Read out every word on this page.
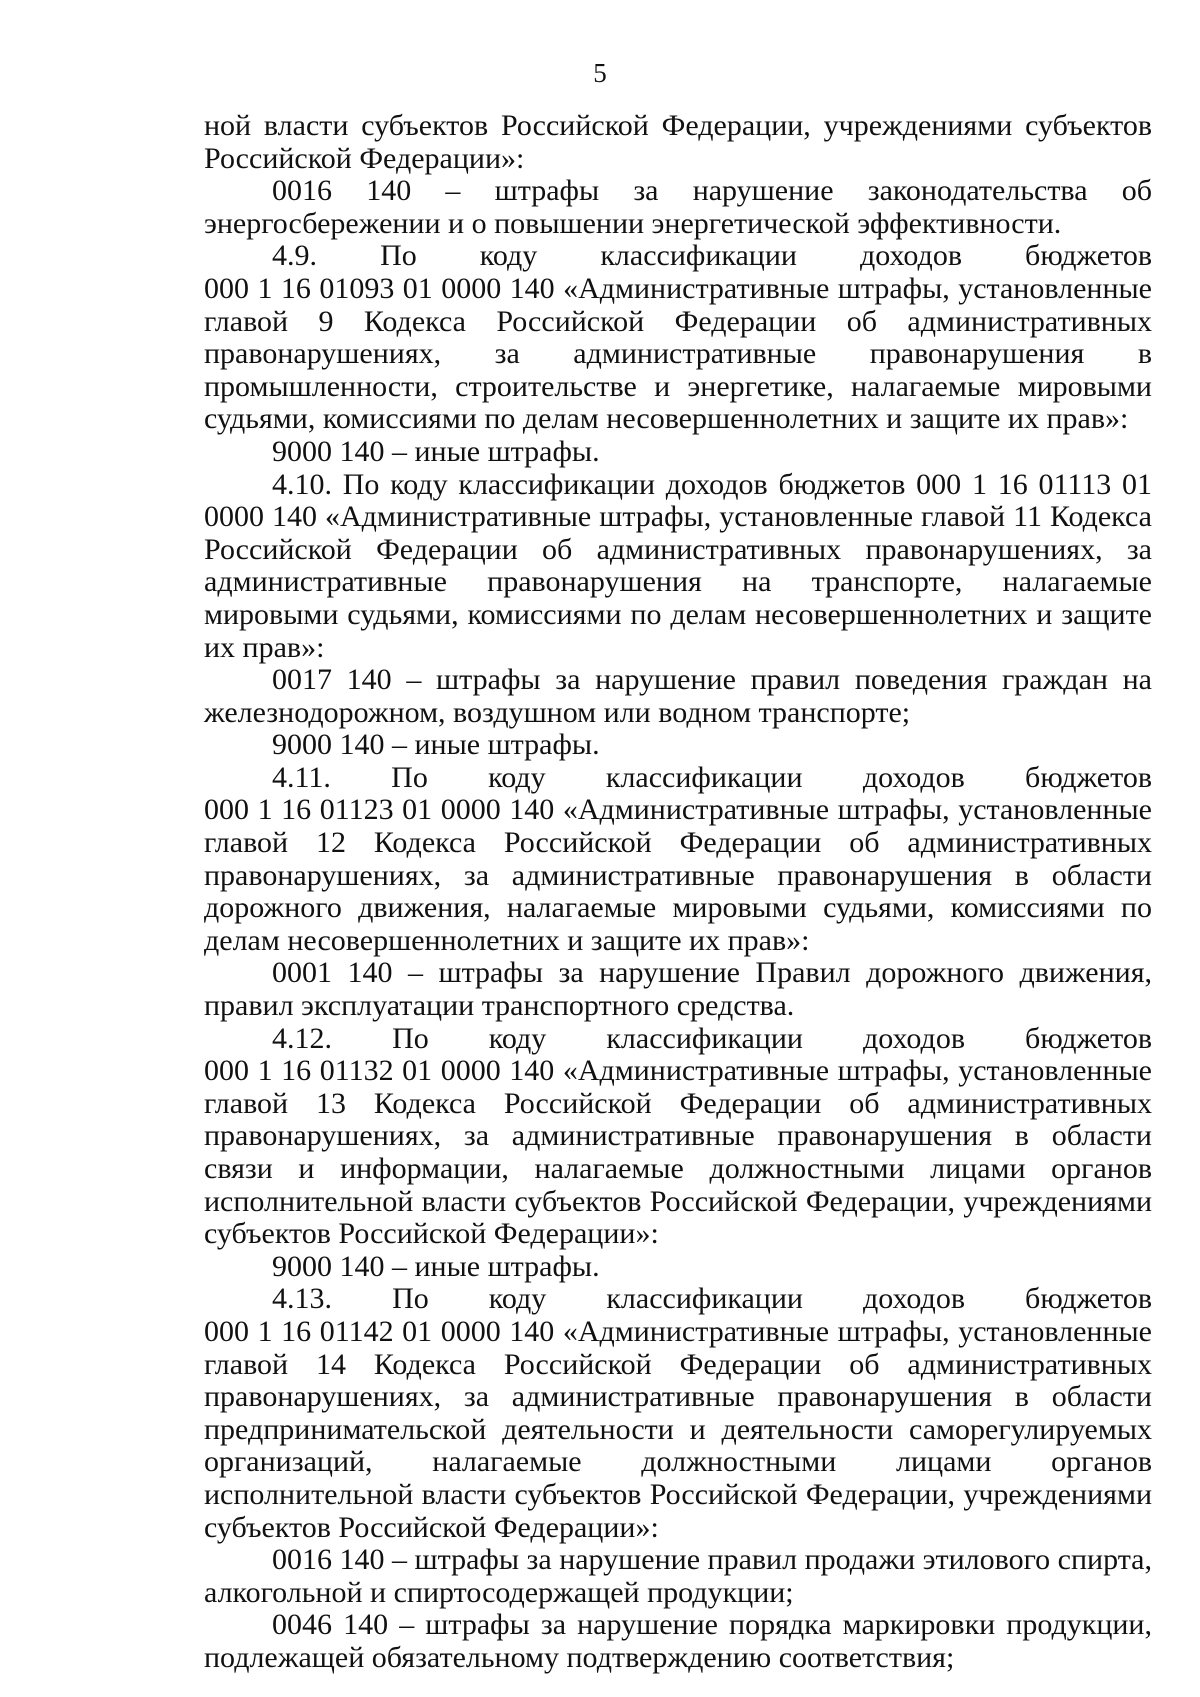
5

ной власти субъектов Российской Федерации, учреждениями субъектов Российской Федерации»:

0016 140 – штрафы за нарушение законодательства об энергосбережении и о повышении энергетической эффективности.

4.9. По коду классификации доходов бюджетов

000 1 16 01093 01 0000 140 «Административные штрафы, установленные главой 9 Кодекса Российской Федерации об административных правонарушениях, за административные правонарушения в промышленности, строительстве и энергетике, налагаемые мировыми судьями, комиссиями по делам несовершеннолетних и защите их прав»:

9000 140 – иные штрафы.

4.10. По коду классификации доходов бюджетов 000 1 16 01113 01 0000 140 «Административные штрафы, установленные главой 11 Кодекса Российской Федерации об административных правонарушениях, за административные правонарушения на транспорте, налагаемые мировыми судьями, комиссиями по делам несовершеннолетних и защите их прав»:

0017 140 – штрафы за нарушение правил поведения граждан на железнодорожном, воздушном или водном транспорте;

9000 140 – иные штрафы.

4.11. По коду классификации доходов бюджетов

000 1 16 01123 01 0000 140 «Административные штрафы, установленные главой 12 Кодекса Российской Федерации об административных правонарушениях, за административные правонарушения в области дорожного движения, налагаемые мировыми судьями, комиссиями по делам несовершеннолетних и защите их прав»:

0001 140 – штрафы за нарушение Правил дорожного движения, правил эксплуатации транспортного средства.

4.12. По коду классификации доходов бюджетов

000 1 16 01132 01 0000 140 «Административные штрафы, установленные главой 13 Кодекса Российской Федерации об административных правонарушениях, за административные правонарушения в области связи и информации, налагаемые должностными лицами органов исполнительной власти субъектов Российской Федерации, учреждениями субъектов Российской Федерации»:

9000 140 – иные штрафы.

4.13. По коду классификации доходов бюджетов

000 1 16 01142 01 0000 140 «Административные штрафы, установленные главой 14 Кодекса Российской Федерации об административных правонарушениях, за административные правонарушения в области предпринимательской деятельности и деятельности саморегулируемых организаций, налагаемые должностными лицами органов исполнительной власти субъектов Российской Федерации, учреждениями субъектов Российской Федерации»:

0016 140 – штрафы за нарушение правил продажи этилового спирта, алкогольной и спиртосодержащей продукции;

0046 140 – штрафы за нарушение порядка маркировки продукции, подлежащей обязательному подтверждению соответствия;
